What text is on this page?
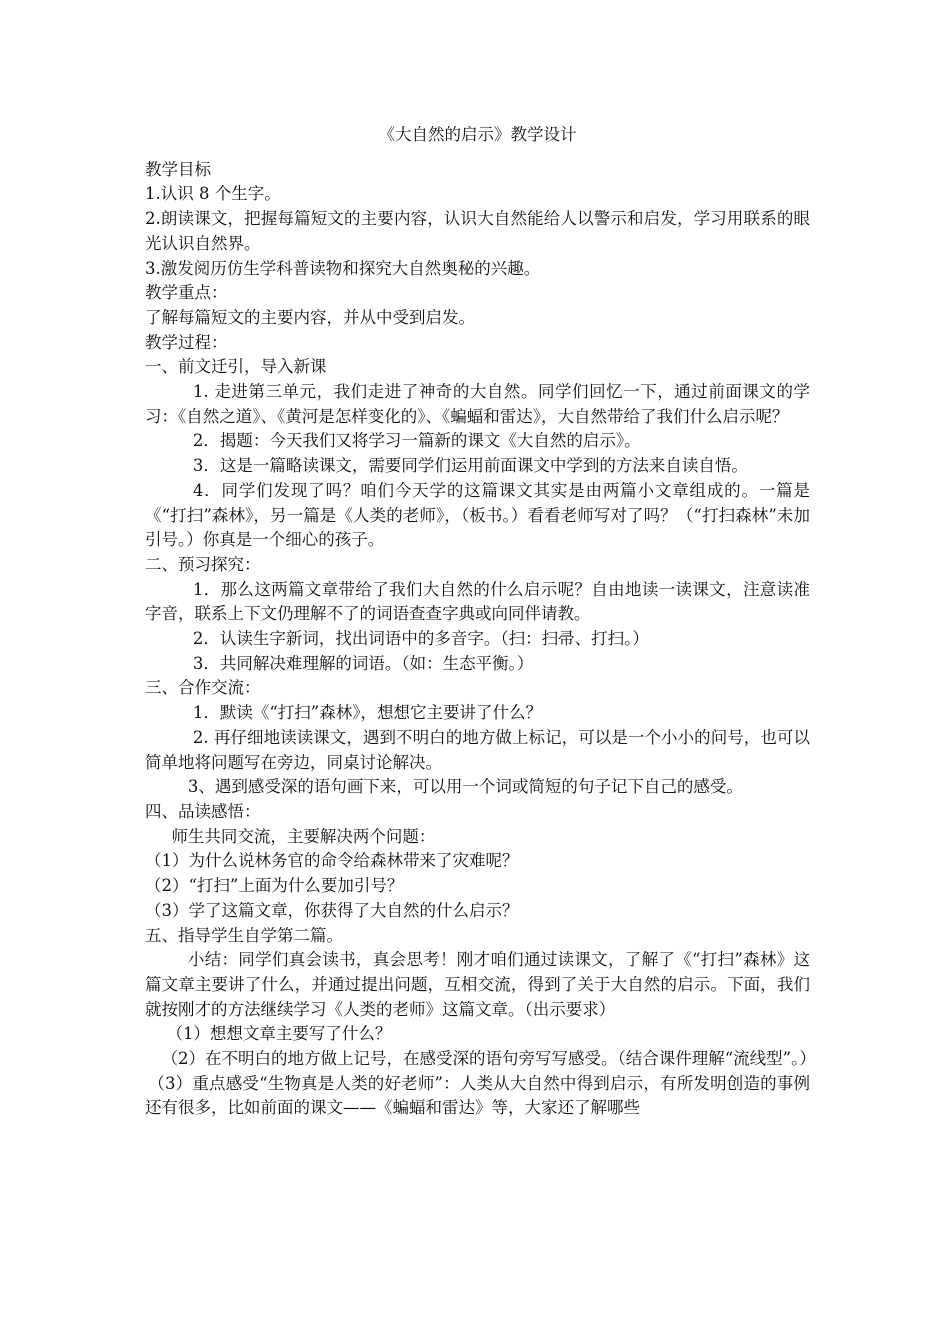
《大自然的启示》教学设计

教学目标

1.认识 8 个生字。

2.朗读课文，把握每篇短文的主要内容，认识大自然能给人以警示和启发，学习用联系的眼光认识自然界。

3.激发阅历仿生学科普读物和探究大自然奥秘的兴趣。

教学重点：

了解每篇短文的主要内容，并从中受到启发。

教学过程：

一、前文迁引，导入新课

1. 走进第三单元，我们走进了神奇的大自然。同学们回忆一下，通过前面课文的学习：《自然之道》、《黄河是怎样变化的》、《蝙蝠和雷达》，大自然带给了我们什么启示呢？

2．揭题：今天我们又将学习一篇新的课文《大自然的启示》。

3．这是一篇略读课文，需要同学们运用前面课文中学到的方法来自读自悟。

4．同学们发现了吗？咱们今天学的这篇课文其实是由两篇小文章组成的。一篇是《“打扫”森林》，另一篇是《人类的老师》，（板书。）看看老师写对了吗？（“打扫森林”未加引号。）你真是一个细心的孩子。

二、预习探究：

1．那么这两篇文章带给了我们大自然的什么启示呢？自由地读一读课文，注意读准字音，联系上下文仍理解不了的词语查查字典或向同伴请教。

2．认读生字新词，找出词语中的多音字。（扫：扫帚、打扫。）

3．共同解决难理解的词语。（如：生态平衡。）

三、合作交流：

1．默读《“打扫”森林》，想想它主要讲了什么？

2. 再仔细地读读课文，遇到不明白的地方做上标记，可以是一个小小的问号，也可以简单地将问题写在旁边，同桌讨论解决。

3、遇到感受深的语句画下来，可以用一个词或简短的句子记下自己的感受。

四、品读感悟：

师生共同交流，主要解决两个问题：

（1）为什么说林务官的命令给森林带来了灾难呢？

（2）“打扫”上面为什么要加引号？

（3）学了这篇文章，你获得了大自然的什么启示？

五、指导学生自学第二篇。

小结：同学们真会读书，真会思考！刚才咱们通过读课文，了解了《“打扫”森林》这篇文章主要讲了什么，并通过提出问题，互相交流，得到了关于大自然的启示。下面，我们就按刚才的方法继续学习《人类的老师》这篇文章。（出示要求）

（1）想想文章主要写了什么？

（2）在不明白的地方做上记号，在感受深的语句旁写写感受。（结合课件理解“流线型”。）

（3）重点感受“生物真是人类的好老师”：人类从大自然中得到启示，有所发明创造的事例还有很多，比如前面的课文——《蝙蝠和雷达》等，大家还了解哪些
